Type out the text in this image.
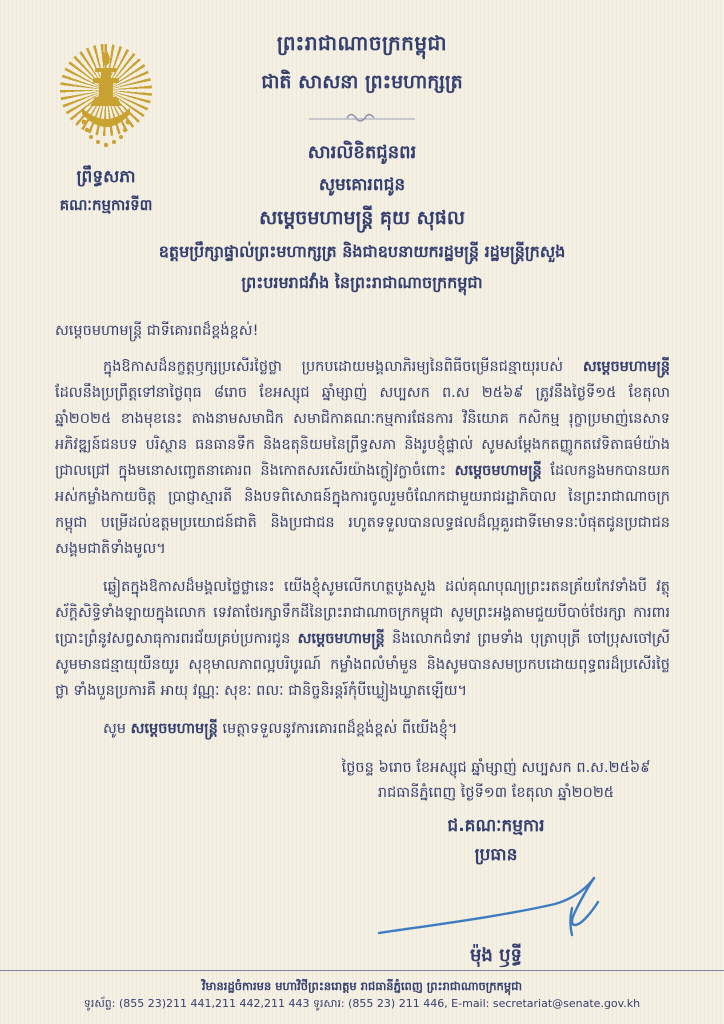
ព្រះរាជាណាចក្រកម្ពុជា
ជាតិ សាសនា ព្រះមហាក្សត្រ
ព្រឹទ្ធសភា
គណៈកម្មការទី៣
សារលិខិតជូនពរ
សូមគោរពជូន
សម្តេចមហាមន្ត្រី គុយ សុផល
ឧត្តមប្រឹក្សាផ្ទាល់ព្រះមហាក្សត្រ និងជាឧបនាយករដ្ឋមន្ត្រី រដ្ឋមន្ត្រីក្រសួង
ព្រះបរមរាជវាំង នៃព្រះរាជាណាចក្រកម្ពុជា
សម្តេចមហាមន្ត្រី ជាទីគោរពដ៏ខ្ពង់ខ្ពស់!

ក្នុងឱកាសដ៏នក្ខត្តឫក្សប្រសើរថ្លៃថ្លា ប្រកបដោយមង្គលាភិរម្យនៃពិធីចម្រើនជន្មាយុរបស់ សម្តេចមហាមន្ត្រី ដែលនឹងប្រព្រឹត្តទៅនាថ្ងៃពុធ ៨រោច ខែអស្សុជ ឆ្នាំម្សាញ់ សប្បសក ព.ស ២៥៦៩ ត្រូវនឹងថ្ងៃទី១៥ ខែតុលា ឆ្នាំ២០២៥ ខាងមុខនេះ តាងនាមសមាជិក សមាជិកាគណៈកម្មការផែនការ វិនិយោគ កសិកម្ម រុក្ខាប្រមាញ់នេសាទ អភិវឌ្ឍន៍ជនបទ បរិស្ថាន ធនធានទឹក និងឧតុនិយមនៃព្រឹទ្ធសភា និងរូបខ្ញុំផ្ទាល់ សូមសម្តែងកតញ្ញូកតវេទិតាធម៌យ៉ាងជ្រាលជ្រៅ ក្នុងមនោសញ្ចេតនាគោរព និងកោតសរសើរយ៉ាងក្លៀវក្លាចំពោះ សម្តេចមហាមន្ត្រី ដែលកន្លងមកបានយកអស់កម្លាំងកាយចិត្ត ប្រាជ្ញាស្មារតី និងបទពិសោធន៍ក្នុងការចូលរួមចំណែកជាមួយរាជរដ្ឋាភិបាល នៃព្រះរាជាណាចក្រកម្ពុជា បម្រើដល់ឧត្តមប្រយោជន៍ជាតិ និងប្រជាជន រហូតទទួលបានលទ្ធផលដ៏ល្អគួរជាទីមោទនៈបំផុតជូនប្រជាជន សង្គមជាតិទាំងមូល។

ឆ្លៀតក្នុងឱកាសដ៏មង្គលថ្លៃថ្លានេះ យើងខ្ញុំសូមលើកហត្ថបូងសួង ដល់គុណបុណ្យព្រះរតនត្រ័យកែវទាំងបី វត្ថុស័ក្តិសិទ្ធិទាំងឡាយក្នុងលោក ទេវតាថែរក្សាទឹកដីនៃព្រះរាជាណាចក្រកម្ពុជា សូមព្រះអង្គតាមជួយបីបាច់ថែរក្សា ការពារ ប្រោះព្រំនូវសព្វសាធុការពរជ័យគ្រប់ប្រការជូន សម្តេចមហាមន្ត្រី និងលោកជំទាវ ព្រមទាំង បុត្រាបុត្រី ចៅប្រុសចៅស្រី សូមមានជន្មាយុយឺនយូរ សុខុមាលភាពល្អបរិបូរណ៍ កម្លាំងពលំមាំមួន និងសូមបានសមប្រកបដោយពុទ្ធពរដ៏ប្រសើរថ្លៃថ្លា ទាំងបួនប្រការគឺ អាយុ វណ្ណៈ សុខៈ ពលៈ ជានិច្ចនិរន្តរ៍កុំបីឃ្លៀងឃ្លាតឡើយ។

សូម សម្តេចមហាមន្ត្រី មេត្តាទទួលនូវការគោរពដ៏ខ្ពង់ខ្ពស់ ពីយើងខ្ញុំ។

ថ្ងៃចន្ទ ៦រោច ខែអស្សុជ ឆ្នាំម្សាញ់ សប្បសក ព.ស.២៥៦៩
រាជធានីភ្នំពេញ ថ្ងៃទី១៣ ខែតុលា ឆ្នាំ២០២៥
ជ.គណៈកម្មការ
ប្រធាន
ម៉ុង ឫទ្ធី
វិមានរដ្ឋចំការមន មហាវិថីព្រះនរោត្តម រាជធានីភ្នំពេញ ព្រះរាជាណាចក្រកម្ពុជា
ទូរស័ព្ទ: (855 23)211 441,211 442,211 443 ទូរសារ: (855 23) 211 446, E-mail: secretariat@senate.gov.kh
